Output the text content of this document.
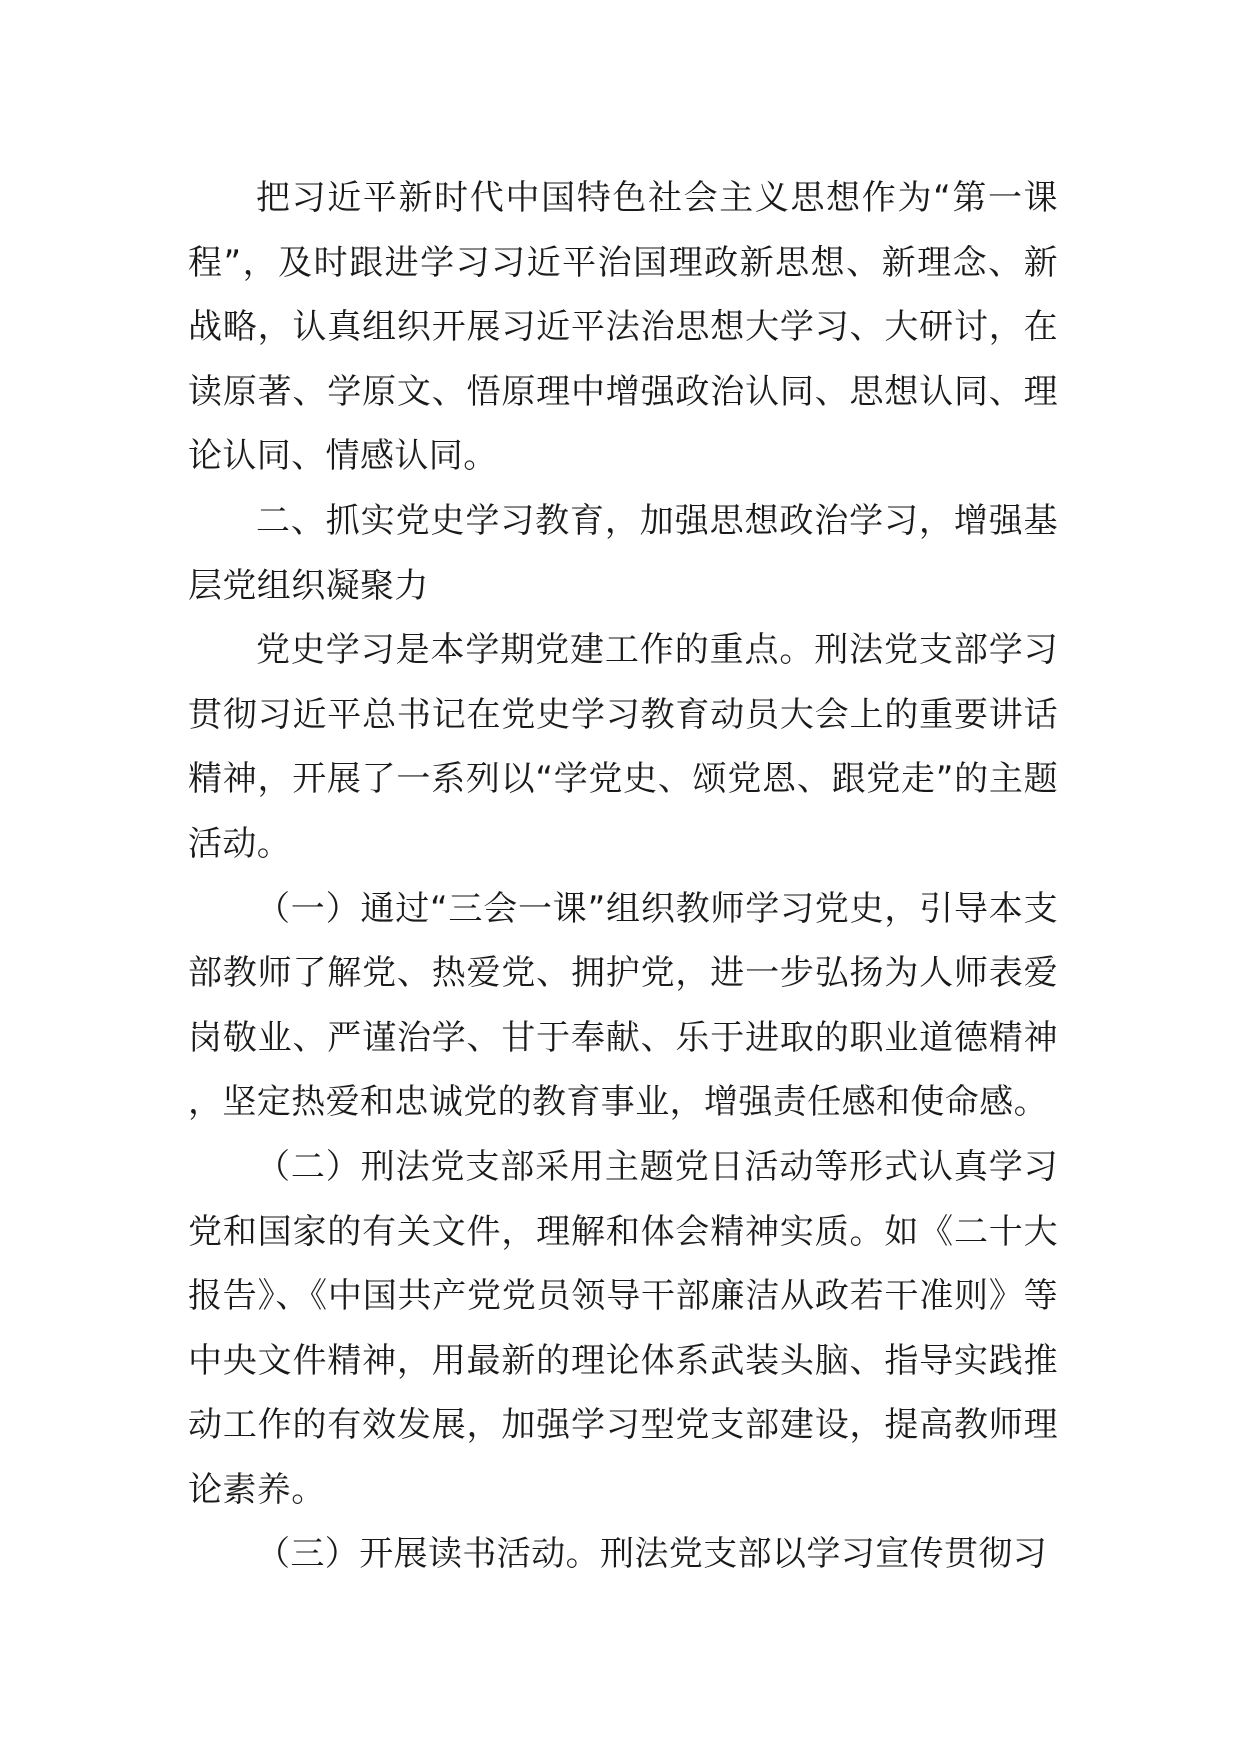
把习近平新时代中国特色社会主义思想作为“第一课程”，及时跟进学习习近平治国理政新思想、新理念、新战略，认真组织开展习近平法治思想大学习、大研讨，在读原著、学原文、悟原理中增强政治认同、思想认同、理论认同、情感认同。

二、抓实党史学习教育，加强思想政治学习，增强基层党组织凝聚力

党史学习是本学期党建工作的重点。刑法党支部学习贯彻习近平总书记在党史学习教育动员大会上的重要讲话精神，开展了一系列以“学党史、颂党恩、跟党走”的主题活动。

（一）通过“三会一课”组织教师学习党史，引导本支部教师了解党、热爱党、拥护党，进一步弘扬为人师表爱岗敬业、严谨治学、甘于奉献、乐于进取的职业道德精神，坚定热爱和忠诚党的教育事业，增强责任感和使命感。

（二）刑法党支部采用主题党日活动等形式认真学习党和国家的有关文件，理解和体会精神实质。如《二十大报告》、《中国共产党党员领导干部廉洁从政若干准则》等中央文件精神，用最新的理论体系武装头脑、指导实践推动工作的有效发展，加强学习型党支部建设，提高教师理论素养。

（三）开展读书活动。刑法党支部以学习宣传贯彻习
